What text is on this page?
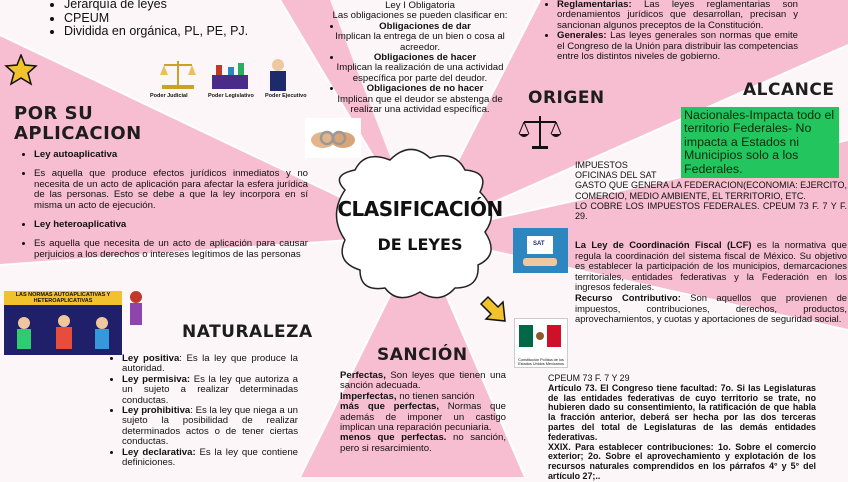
CLASIFICACIÓN
DE LEYES
• Jerarquía de leyes
• CPEUM
• Dividida en orgánica, PL, PE, PJ.
Poder Judicial	Poder Legislativo	Poder Ejecutivo
POR SU
APLICACION
• Ley autoaplicativa
• Es aquella que produce efectos jurídicos inmediatos y no necesita de un acto de aplicación para afectar la esfera jurídica de las personas. Esto se debe a que la ley incorpora en sí misma un acto de ejecución.
• Ley heteroaplicativa
• Es aquella que necesita de un acto de aplicación para causar perjuicios a los derechos o intereses legítimos de las personas
LAS NORMAS AUTOAPLICATIVAS Y HETEROAPLICATIVAS
NATURALEZA
• Ley positiva: Es la ley que produce la autoridad.
• Ley permisiva: Es la ley que autoriza a un sujeto a realizar determinadas conductas.
• Ley prohibitiva: Es la ley que niega a un sujeto la posibilidad de realizar determinados actos o de tener ciertas conductas.
• Ley declarativa: Es la ley que contiene definiciones.
Ley I Obligatoria
Las obligaciones se pueden clasificar en:
• Obligaciones de dar
Implican la entrega de un bien o cosa al acreedor.
• Obligaciones de hacer
Implican la realización de una actividad específica por parte del deudor.
• Obligaciones de no hacer
Implican que el deudor se abstenga de realizar una actividad específica.
SANCIÓN
Perfectas, Son leyes que tienen una sanción adecuada.
Imperfectas, no tienen sanción
más que perfectas, Normas que además de imponer un castigo implican una reparación pecuniaria.
menos que perfectas. no sanción, pero si resarcimiento.
• Reglamentarias: Las leyes reglamentarias son ordenamientos jurídicos que desarrollan, precisan y sancionan algunos preceptos de la Constitución.
• Generales: Las leyes generales son normas que emite el Congreso de la Unión para distribuir las competencias entre los distintos niveles de gobierno.
ORIGEN	ALCANCE
Nacionales-Impacta todo el territorio Federales- No impacta a Estados ni Municipios solo a los Federales.
IMPUESTOS
OFICINAS DEL SAT
GASTO QUE GENERA LA FEDERACION(ECONOMIA: EJERCITO, COMERCIO, MEDIO AMBIENTE, EL TERRITORIO, ETC.
LO COBRE LOS IMPUESTOS FEDERALES. CPEUM 73 F. 7 Y F. 29.
SAT	La Ley de Coordinación Fiscal (LCF) es la normativa que regula la coordinación del sistema fiscal de México. Su objetivo es establecer la participación de los municipios, demarcaciones territoriales, entidades federativas y la Federación en los ingresos federales.
Recurso Contributivo: Son aquellos que provienen de impuestos, contribuciones, derechos, productos, aprovechamientos, y cuotas y aportaciones de seguridad social.
Constitución Política de los Estados Unidos Mexicanos
CPEUM 73 F. 7 Y 29
Artículo 73. El Congreso tiene facultad: 7o. Si las Legislaturas de las entidades federativas de cuyo territorio se trate, no hubieren dado su consentimiento, la ratificación de que habla la fracción anterior, deberá ser hecha por las dos terceras partes del total de Legislaturas de las demás entidades federativas.
XXIX. Para establecer contribuciones: 1o. Sobre el comercio exterior; 2o. Sobre el aprovechamiento y explotación de los recursos naturales comprendidos en los párrafos 4° y 5° del artículo 27;..
